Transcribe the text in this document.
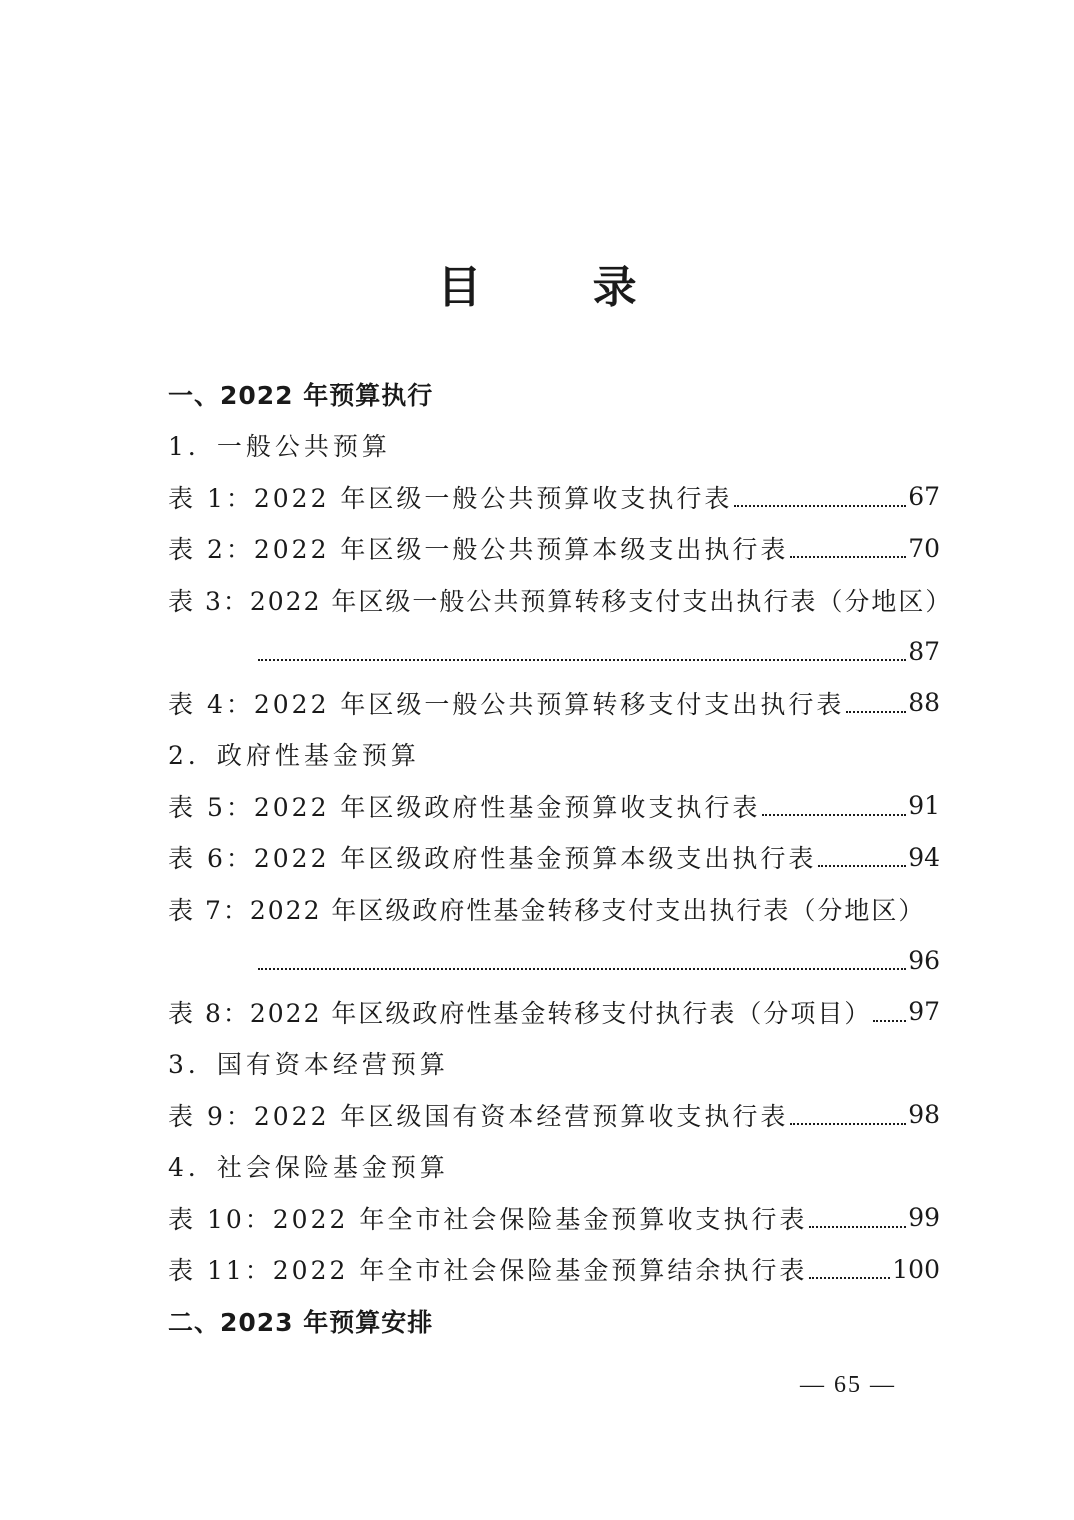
目 录
一、2022 年预算执行
1．一般公共预算
表 1：2022 年区级一般公共预算收支执行表	67
表 2：2022 年区级一般公共预算本级支出执行表	70
表 3：2022 年区级一般公共预算转移支付支出执行表（分地区）
87
表 4：2022 年区级一般公共预算转移支付支出执行表	88
2．政府性基金预算
表 5：2022 年区级政府性基金预算收支执行表	91
表 6：2022 年区级政府性基金预算本级支出执行表	94
表 7：2022 年区级政府性基金转移支付支出执行表（分地区）
96
表 8：2022 年区级政府性基金转移支付执行表（分项目） 97
3．国有资本经营预算
表 9：2022 年区级国有资本经营预算收支执行表	98
4．社会保险基金预算
表 10：2022 年全市社会保险基金预算收支执行表	99
表 11：2022 年全市社会保险基金预算结余执行表	100
二、2023 年预算安排
— 65 —
